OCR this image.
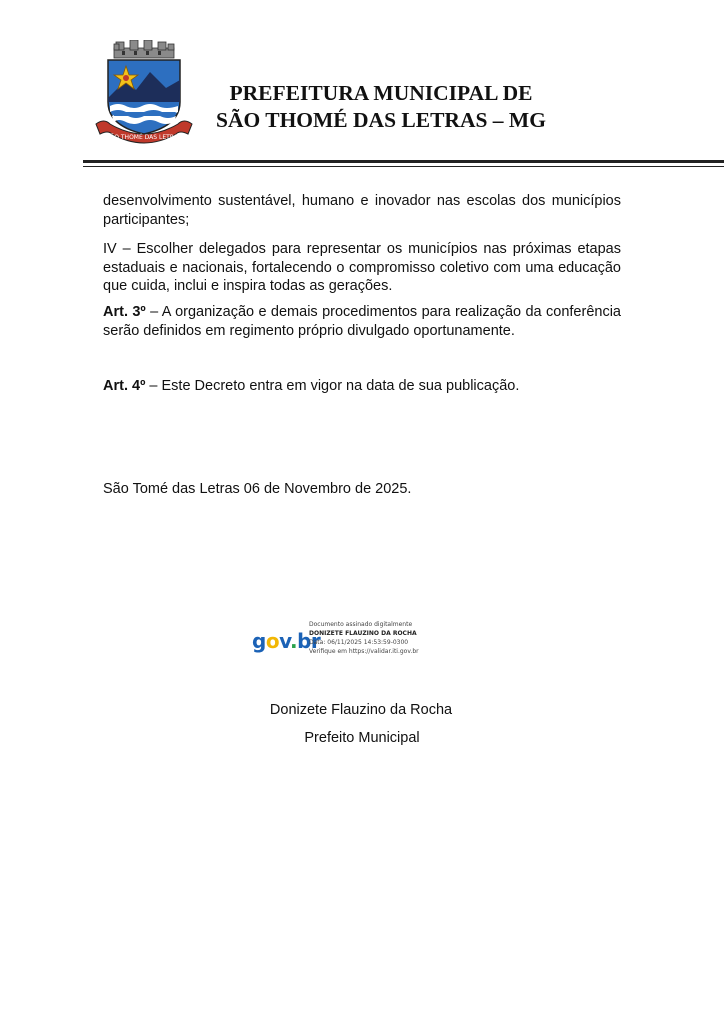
SÃO THOMÉ DAS LETRAS
PREFEITURA MUNICIPAL DE
SÃO THOMÉ DAS LETRAS – MG
desenvolvimento sustentável, humano e inovador nas escolas dos municípios participantes;
IV – Escolher delegados para representar os municípios nas próximas etapas estaduais e nacionais, fortalecendo o compromisso coletivo com uma educação que cuida, inclui e inspira todas as gerações.
Art. 3º – A organização e demais procedimentos para realização da conferência serão definidos em regimento próprio divulgado oportunamente.
Art. 4º – Este Decreto entra em vigor na data de sua publicação.
São Tomé das Letras 06 de Novembro de 2025.
gov.br
Documento assinado digitalmente
DONIZETE FLAUZINO DA ROCHA
Data: 06/11/2025 14:53:59-0300
Verifique em https://validar.iti.gov.br
Donizete Flauzino da Rocha
Prefeito Municipal
